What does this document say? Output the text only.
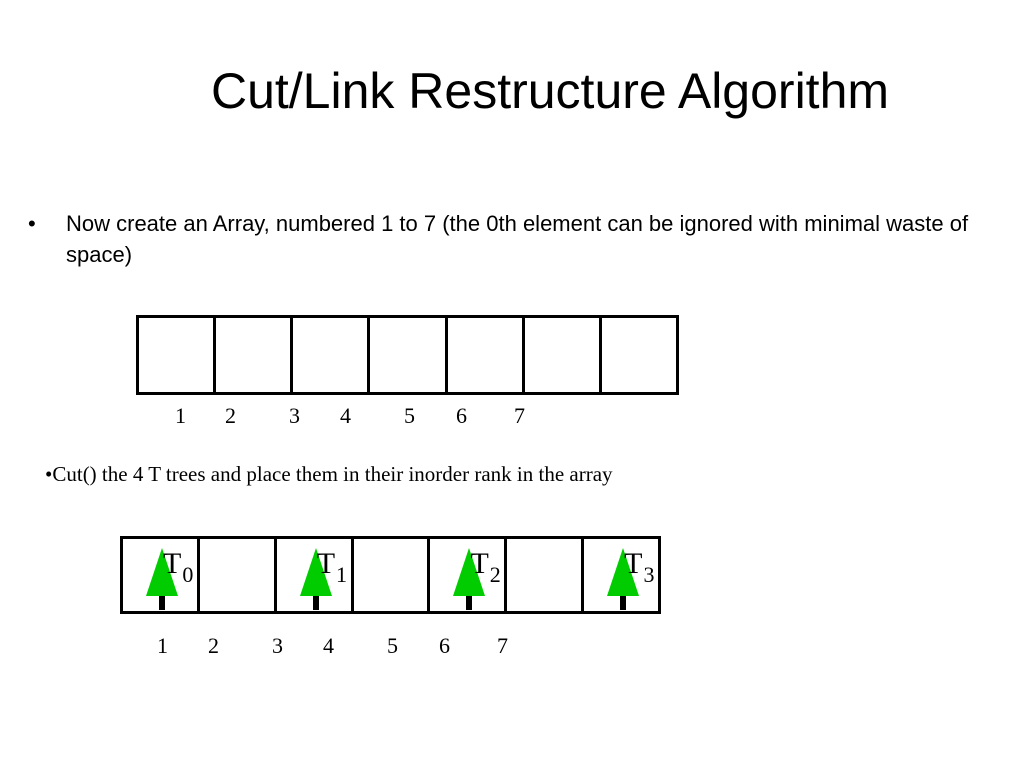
Cut/Link Restructure Algorithm
• Now create an Array, numbered 1 to 7 (the 0th element can be ignored with minimal waste of space)
1 2 3 4 5 6 7
•Cut() the 4 T trees and place them in their inorder rank in the array
$T_0$	$T_1$	$T_2$	$T_3$
1 2 3 4 5 6 7
